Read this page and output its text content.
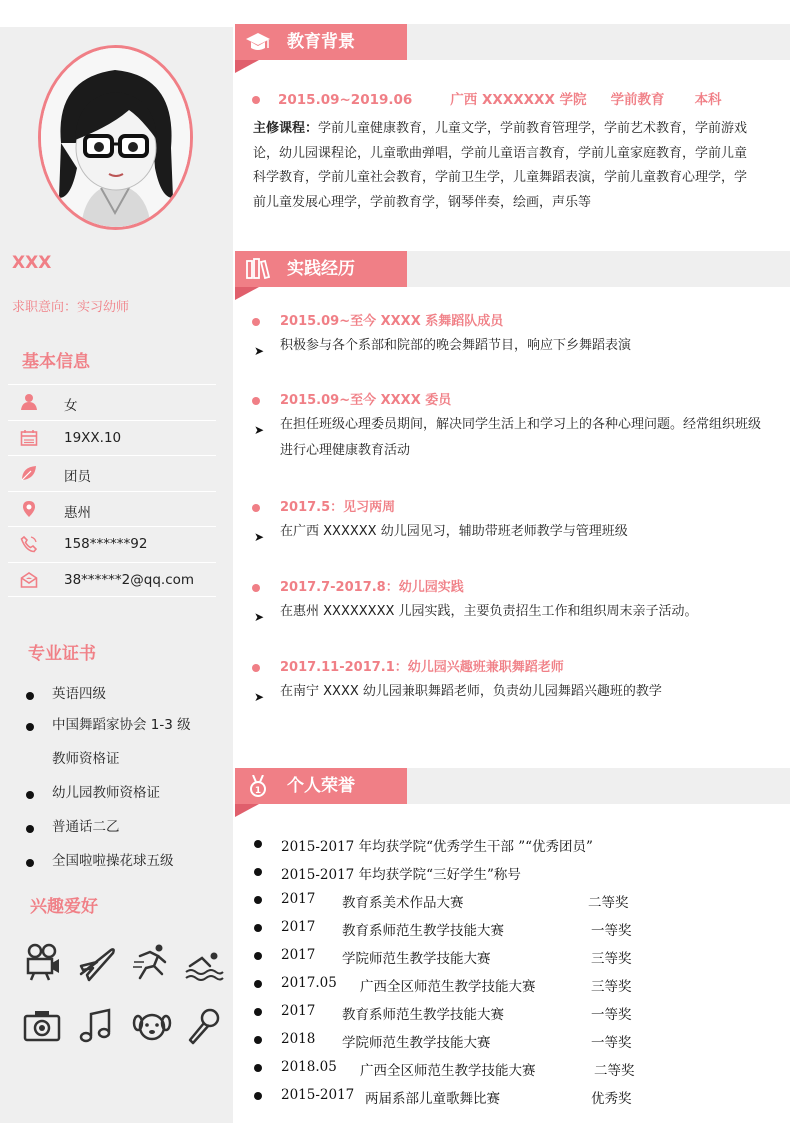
XXX
求职意向：实习幼师
基本信息
女
19XX.10
团员
惠州
158******92
38******2@qq.com
专业证书
英语四级
中国舞蹈家协会 1-3 级
教师资格证
幼儿园教师资格证
普通话二乙
全国啦啦操花球五级
兴趣爱好
教育背景
2015.09~2019.06	广西 XXXXXXX 学院 学前教育 本科
主修课程：学前儿童健康教育，儿童文学，学前教育管理学，学前艺术教育，学前游戏论，幼儿园课程论，儿童歌曲弹唱，学前儿童语言教育，学前儿童家庭教育，学前儿童科学教育，学前儿童社会教育，学前卫生学，儿童舞蹈表演，学前儿童教育心理学，学前儿童发展心理学，学前教育学，钢琴伴奏，绘画，声乐等
实践经历
2015.09~至今 XXXX 系舞蹈队成员
➤ 积极参与各个系部和院部的晚会舞蹈节目，响应下乡舞蹈表演
2015.09~至今 XXXX 委员
➤ 在担任班级心理委员期间，解决同学生活上和学习上的各种心理问题。经常组织班级进行心理健康教育活动
2017.5：见习两周
➤ 在广西 XXXXXX 幼儿园见习，辅助带班老师教学与管理班级
2017.7-2017.8：幼儿园实践
➤ 在惠州 XXXXXXXX 儿园实践，主要负责招生工作和组织周末亲子活动。
2017.11-2017.1：幼儿园兴趣班兼职舞蹈老师
➤ 在南宁 XXXX 幼儿园兼职舞蹈老师，负责幼儿园舞蹈兴趣班的教学
1 个人荣誉
2015-2017 年均获学院“优秀学生干部 ”“优秀团员”
2015-2017 年均获学院“三好学生”称号
2017 教育系美术作品大赛	二等奖
2017 教育系师范生教学技能大赛	一等奖
2017 学院师范生教学技能大赛	三等奖
2017.05 广西全区师范生教学技能大赛	三等奖
2017 教育系师范生教学技能大赛	一等奖
2018 学院师范生教学技能大赛	一等奖
2018.05 广西全区师范生教学技能大赛	二等奖
2015-2017 两届系部儿童歌舞比赛	优秀奖
